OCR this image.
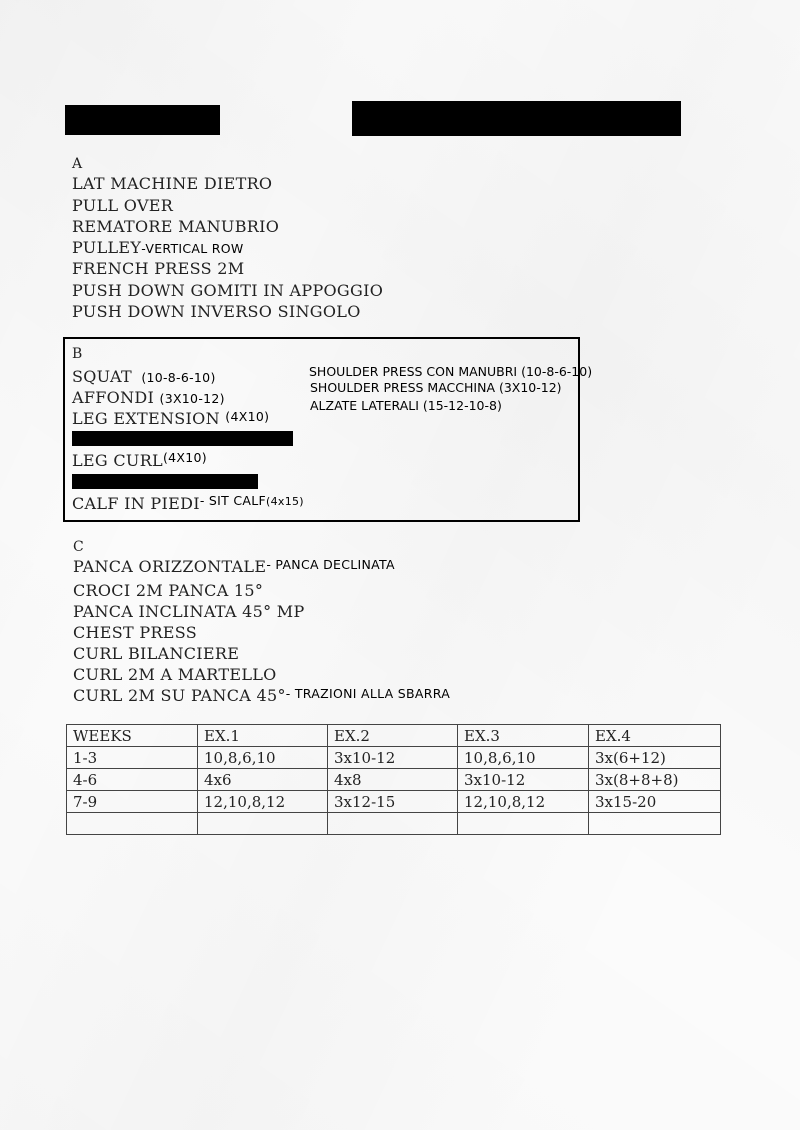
A
LAT MACHINE DIETRO
PULL OVER
REMATORE MANUBRIO
PULLEY-VERTICAL ROW
FRENCH PRESS 2M
PUSH DOWN GOMITI IN APPOGGIO
PUSH DOWN INVERSO SINGOLO
B
SQUAT (10-8-6-10)
AFFONDI (3X10-12)
LEG EXTENSION (4X10)
LEG $CURL^{(4X10)}$
CALF IN $PIEDI^{- SIT CALF(4x15)}$
SHOULDER PRESS CON MANUBRI (10-8-6-10)
SHOULDER PRESS MACCHINA (3X10-12)
ALZATE LATERALI (15-12-10-8)
C
PANCA ORIZZONTALE- PANCA DECLINATA
CROCI 2M PANCA 15°
PANCA INCLINATA 45° MP
CHEST PRESS
CURL BILANCIERE
CURL 2M A MARTELLO
CURL 2M SU PANCA 45°- TRAZIONI ALLA SBARRA
WEEKS	EX.1	EX.2	EX.3	EX.4
1-3	10,8,6,10	3x10-12	10,8,6,10	3x(6+12)
4-6	4x6	4x8	3x10-12	3x(8+8+8)
7-9	12,10,8,12	3x12-15	12,10,8,12	3x15-20
